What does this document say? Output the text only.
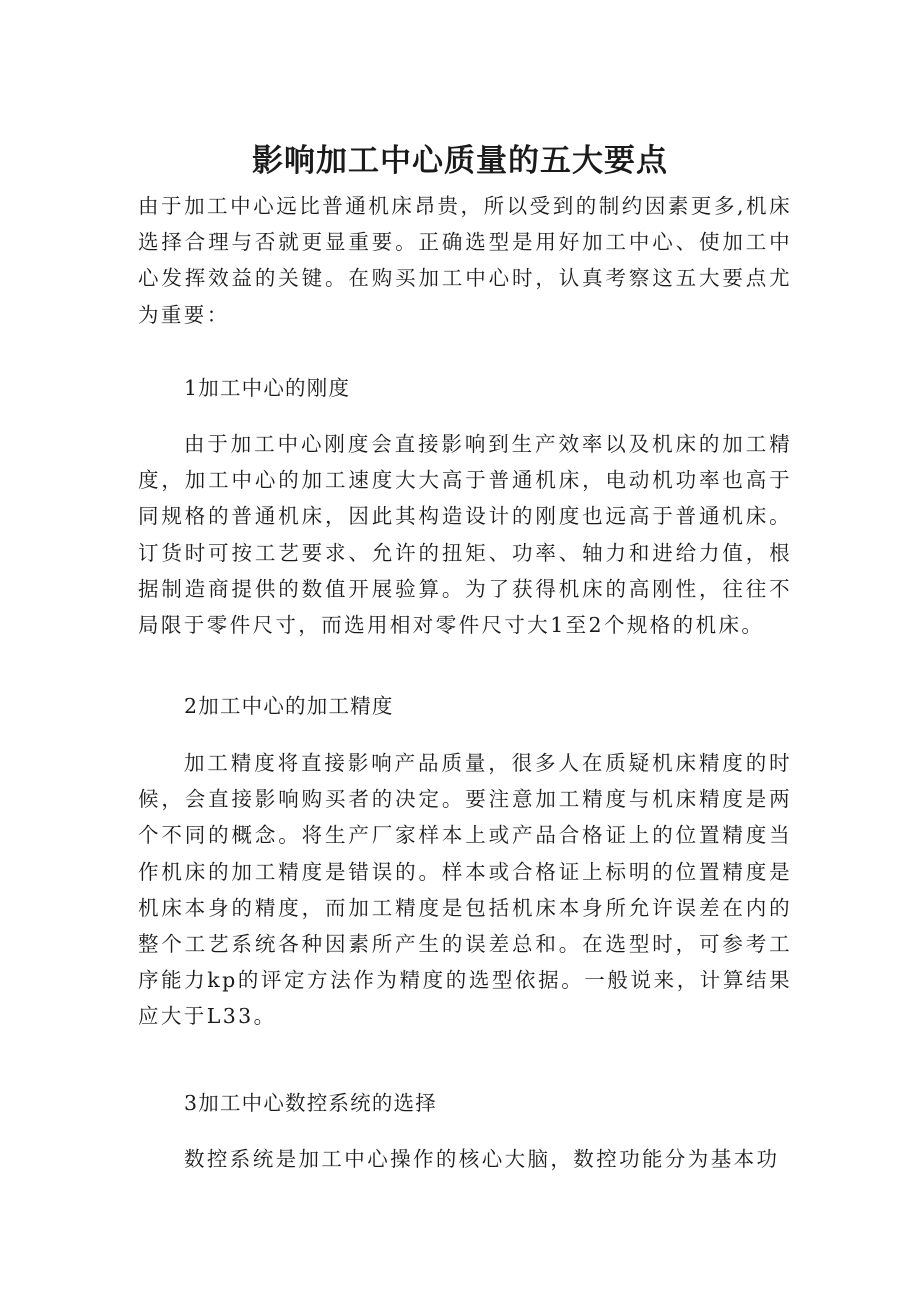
影响加工中心质量的五大要点

由于加工中心远比普通机床昂贵，所以受到的制约因素更多,机床选择合理与否就更显重要。正确选型是用好加工中心、使加工中心发挥效益的关键。在购买加工中心时，认真考察这五大要点尤为重要：

1加工中心的刚度

由于加工中心刚度会直接影响到生产效率以及机床的加工精度，加工中心的加工速度大大高于普通机床，电动机功率也高于同规格的普通机床，因此其构造设计的刚度也远高于普通机床。订货时可按工艺要求、允许的扭矩、功率、轴力和进给力值，根据制造商提供的数值开展验算。为了获得机床的高刚性，往往不局限于零件尺寸，而选用相对零件尺寸大1至2个规格的机床。

2加工中心的加工精度

加工精度将直接影响产品质量，很多人在质疑机床精度的时候，会直接影响购买者的决定。要注意加工精度与机床精度是两个不同的概念。将生产厂家样本上或产品合格证上的位置精度当作机床的加工精度是错误的。样本或合格证上标明的位置精度是机床本身的精度，而加工精度是包括机床本身所允许误差在内的整个工艺系统各种因素所产生的误差总和。在选型时，可参考工序能力kp的评定方法作为精度的选型依据。一般说来，计算结果应大于L33。

3加工中心数控系统的选择

数控系统是加工中心操作的核心大脑，数控功能分为基本功
